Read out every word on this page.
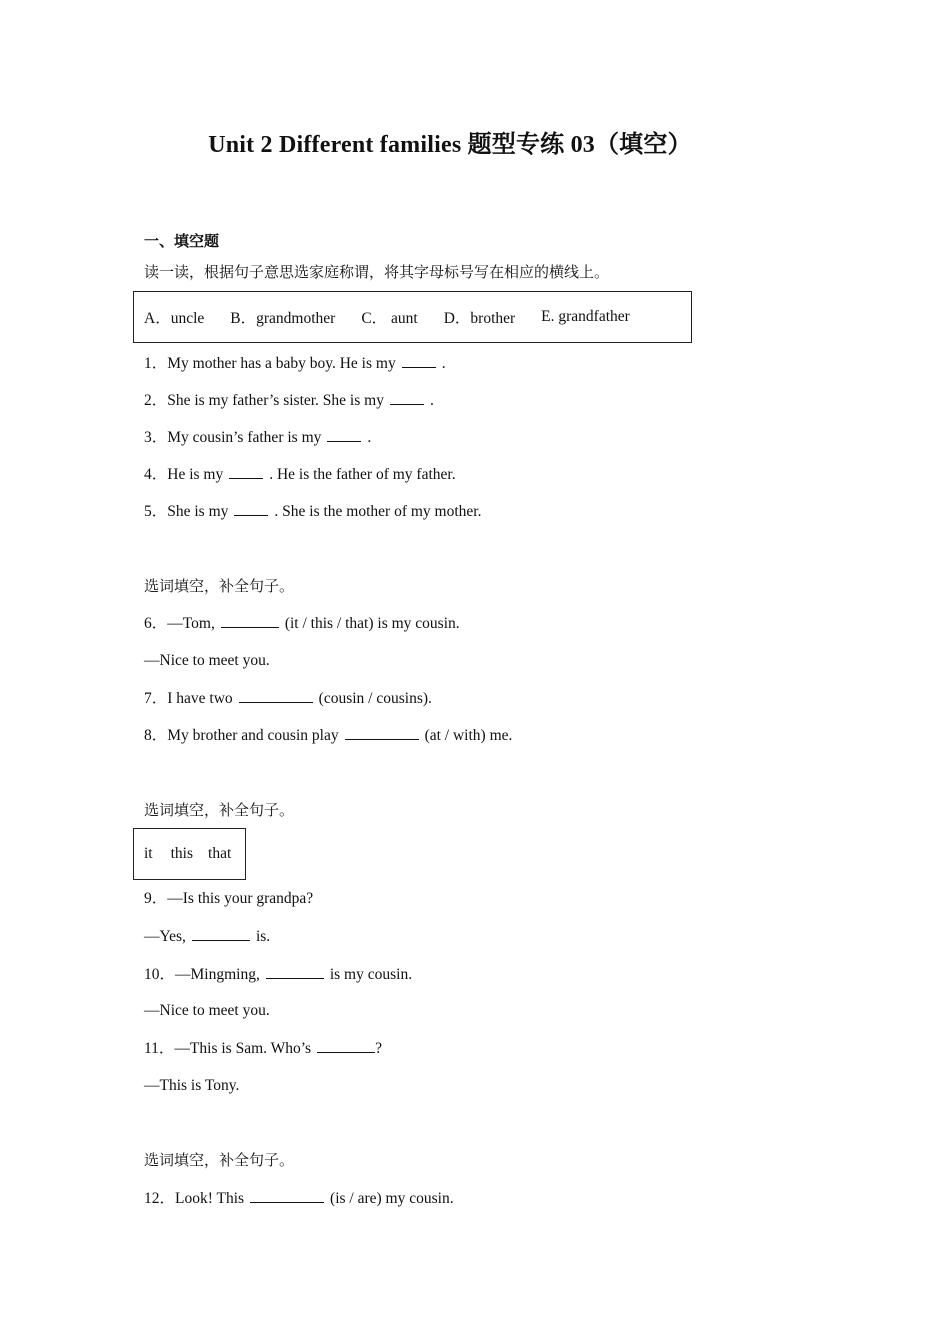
Unit 2 Different families 题型专练 03（填空）
一、填空题
读一读，根据句子意思选家庭称谓，将其字母标号写在相应的横线上。
A．uncle B．grandmother C． aunt D．brother E. grandfather
1．My mother has a baby boy. He is my	.
2．She is my father’s sister. She is my	.
3．My cousin’s father is my	.
4．He is my	. He is the father of my father.
5．She is my	. She is the mother of my mother.
选词填空，补全句子。
6．—Tom,	(it / this / that) is my cousin.
—Nice to meet you.
7．I have two	(cousin / cousins).
8．My brother and cousin play	(at / with) me.
选词填空，补全句子。
it this that
9．—Is this your grandpa?
—Yes,	is.
10．—Mingming,	is my cousin.
—Nice to meet you.
11．—This is Sam. Who’s	?
—This is Tony.
选词填空，补全句子。
12．Look! This	(is / are) my cousin.
